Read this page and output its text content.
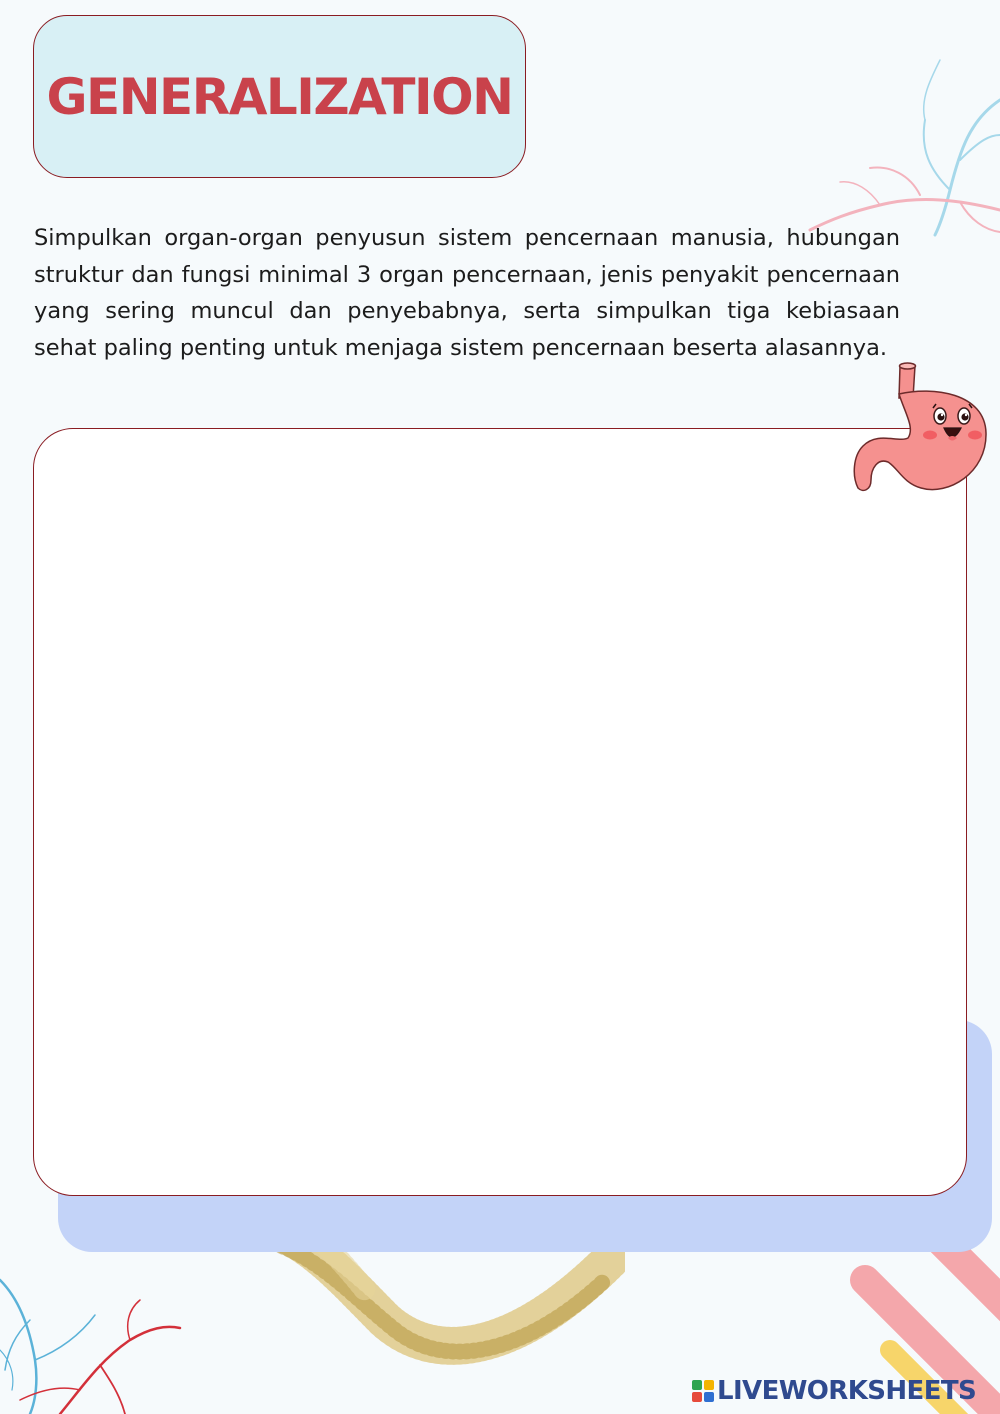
GENERALIZATION

Simpulkan organ-organ penyusun sistem pencernaan manusia, hubungan struktur dan fungsi minimal 3 organ pencernaan, jenis penyakit pencernaan yang sering muncul dan penyebabnya, serta simpulkan tiga kebiasaan sehat paling penting untuk menjaga sistem pencernaan beserta alasannya.

LIVEWORKSHEETS
